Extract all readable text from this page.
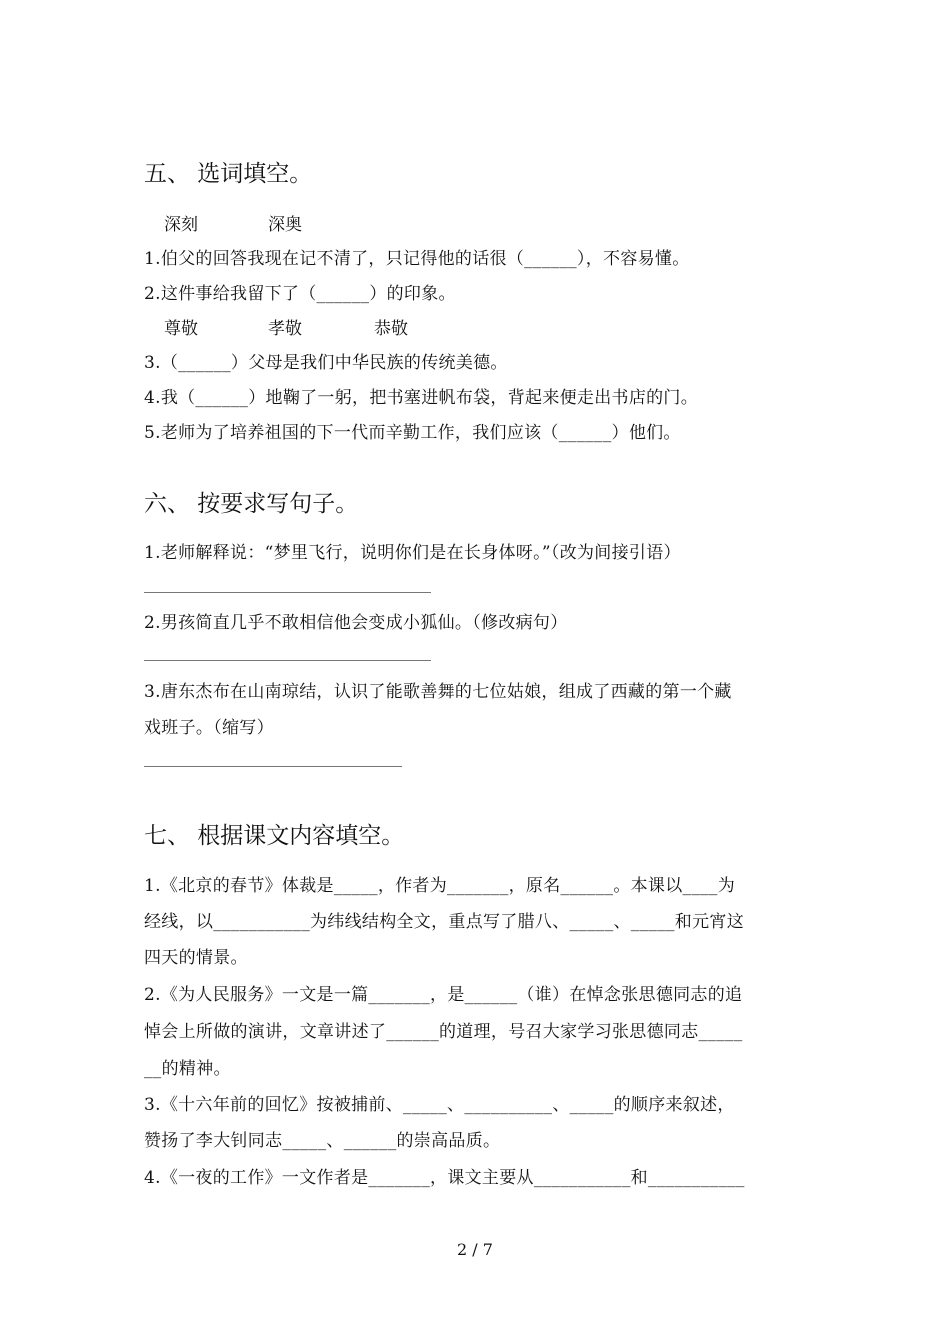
五、 选词填空。
深刻	深奥
1.伯父的回答我现在记不清了，只记得他的话很（______），不容易懂。
2.这件事给我留下了（______）的印象。
尊敬	孝敬	恭敬
3.（______）父母是我们中华民族的传统美德。
4.我（______）地鞠了一躬，把书塞进帆布袋，背起来便走出书店的门。
5.老师为了培养祖国的下一代而辛勤工作，我们应该（______）他们。
六、 按要求写句子。
1.老师解释说：“梦里飞行，说明你们是在长身体呀。”（改为间接引语）
2.男孩简直几乎不敢相信他会变成小狐仙。（修改病句）
3.唐东杰布在山南琼结，认识了能歌善舞的七位姑娘，组成了西藏的第一个藏
戏班子。（缩写）
七、 根据课文内容填空。
1.《北京的春节》体裁是_____，作者为_______，原名______。本课以____为
经线，以___________为纬线结构全文，重点写了腊八、_____、_____和元宵这
四天的情景。
2.《为人民服务》一文是一篇_______，是______（谁）在悼念张思德同志的追
悼会上所做的演讲，文章讲述了______的道理，号召大家学习张思德同志_____
__的精神。
3.《十六年前的回忆》按被捕前、_____、__________、_____的顺序来叙述，
赞扬了李大钊同志_____、______的崇高品质。
4.《一夜的工作》一文作者是_______，课文主要从___________和___________
2 / 7
